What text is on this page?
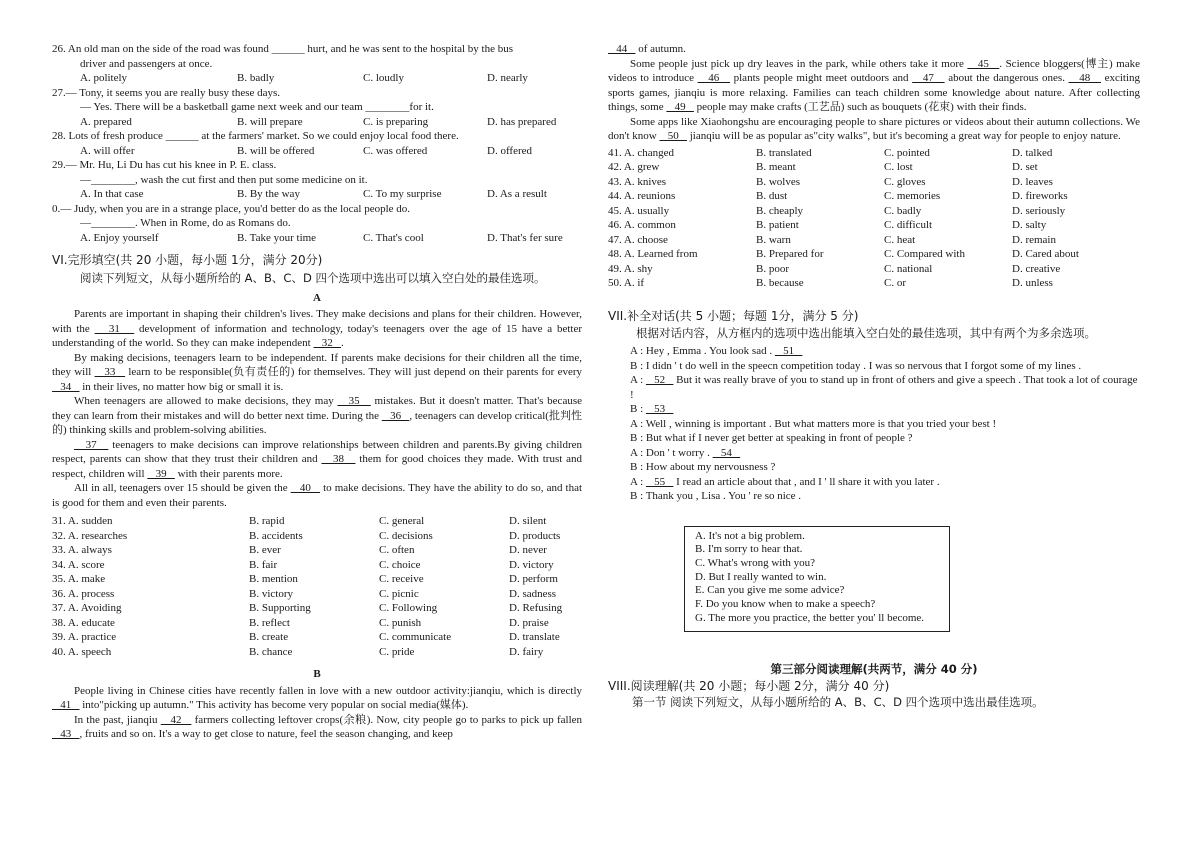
26. An old man on the side of the road was found ______ hurt, and he was sent to the hospital by the bus
driver and passengers at once.
A. politely	B. badly	C. loudly	D. nearly
27.— Tony, it seems you are really busy these days.
— Yes. There will be a basketball game next week and our team ________for it.
A. prepared	B. will prepare	C. is preparing	D. has prepared
28. Lots of fresh produce ______ at the farmers' market. So we could enjoy local food there.
A. will offer	B. will be offered	C. was offered	D. offered
29.— Mr. Hu, Li Du has cut his knee in P. E. class.
—________, wash the cut first and then put some medicine on it.
A. In that case	B. By the way	C. To my surprise	D. As a result
0.— Judy, when you are in a strange place, you'd better do as the local people do.
—________. When in Rome, do as Romans do.
A. Enjoy yourself	B. Take your time	C. That's cool	D. That's fer sure
VI.完形填空(共 20 小题，每小题 1分，满分 20分)
阅读下列短文，从每小题所给的 A、B、C、D 四个选项中选出可以填入空白处的最佳选项。
A
Parents are important in shaping their children's lives. They make decisions and plans for their children. However, with the    31    development of information and technology, today's teenagers over the age of 15 have a better understanding of the world. So they can make independent    32   .
By making decisions, teenagers learn to be independent. If parents make decisions for their children all the time, they will    33    learn to be responsible(负有责任的) for themselves. They will just depend on their parents for every    34    in their lives, no matter how big or small it is.
When teenagers are allowed to make decisions, they may    35    mistakes. But it doesn't matter. That's because they can learn from their mistakes and will do better next time. During the    36   , teenagers can develop critical(批判性的) thinking skills and problem-solving abilities.
37    teenagers to make decisions can improve relationships between children and parents.By giving children respect, parents can show that they trust their children and    38    them for good choices they made. With trust and respect, children will    39    with their parents more.
All in all, teenagers over 15 should be given the    40    to make decisions. They have the ability to do so, and that is good for them and even their parents.
31. A. sudden	B. rapid	C. general	D. silent
32. A. researches	B. accidents	C. decisions	D. products
33. A. always	B. ever	C. often	D. never
34. A. score	B. fair	C. choice	D. victory
35. A. make	B. mention	C. receive	D. perform
36. A. process	B. victory	C. picnic	D. sadness
37. A. Avoiding	B. Supporting	C. Following	D. Refusing
38. A. educate	B. reflect	C. punish	D. praise
39. A. practice	B. create	C. communicate	D. translate
40. A. speech	B. chance	C. pride	D. fairy
B
People living in Chinese cities have recently fallen in love with a new outdoor activity:jianqiu, which is directly    41    into"picking up autumn." This activity has become very popular on social media(媒体).
In the past, jianqiu    42    farmers collecting leftover crops(余粮). Now, city people go to parks to pick up fallen    43   , fruits and so on. It's a way to get close to nature, feel the season changing, and keep
44    of autumn.
Some people just pick up dry leaves in the park, while others take it more    45   . Science bloggers(博主) make videos to introduce    46    plants people might meet outdoors and    47    about the dangerous ones.    48    exciting sports games, jianqiu is more relaxing. Families can teach children some knowledge about nature. After collecting things, some    49    people may make crafts (工艺品) such as bouquets (花束) with their finds.
Some apps like Xiaohongshu are encouraging people to share pictures or videos about their autumn collections. We don't know    50    jianqiu will be as popular as"city walks", but it's becoming a great way for people to enjoy nature.
41. A. changed	B. translated	C. pointed	D. talked
42. A. grew	B. meant	C. lost	D. set
43. A. knives	B. wolves	C. gloves	D. leaves
44. A. reunions	B. dust	C. memories	D. fireworks
45. A. usually	B. cheaply	C. badly	D. seriously
46. A. common	B. patient	C. difficult	D. salty
47. A. choose	B. warn	C. heat	D. remain
48. A. Learned from	B. Prepared for	C. Compared with	D. Cared about
49. A. shy	B. poor	C. national	D. creative
50. A. if	B. because	C. or	D. unless
VII.补全对话(共 5 小题；每题 1分，满分 5 分)
根据对话内容，从方框内的选项中选出能填入空白处的最佳选项，其中有两个为多余选项。
A : Hey , Emma . You look sad .    51
B : I didn ' t do well in the speecn competition today . I was so nervous that I forgot some of my lines .
A :    52    But it was really brave of you to stand up in front of others and give a speech . That took a lot of courage !
B :    53
A : Well , winning is important . But what matters more is that you tried your best !
B : But what if I never get better at speaking in front of people ?
A : Don ' t worry .    54
B : How about my nervousness ?
A :    55    I read an article about that , and I ' ll share it with you later .
B : Thank you , Lisa . You ' re so nice .
A. It's not a big problem.
B. I'm sorry to hear that.
C. What's wrong with you?
D. But I really wanted to win.
E. Can you give me some advice?
F. Do you know when to make a speech?
G. The more you practice, the better you' ll become.
第三部分阅读理解(共两节，满分 40 分)
VIII.阅读理解(共 20 小题；每小题 2分，满分 40 分)
第一节 阅读下列短文，从每小题所给的 A、B、C、D 四个选项中选出最佳选项。
